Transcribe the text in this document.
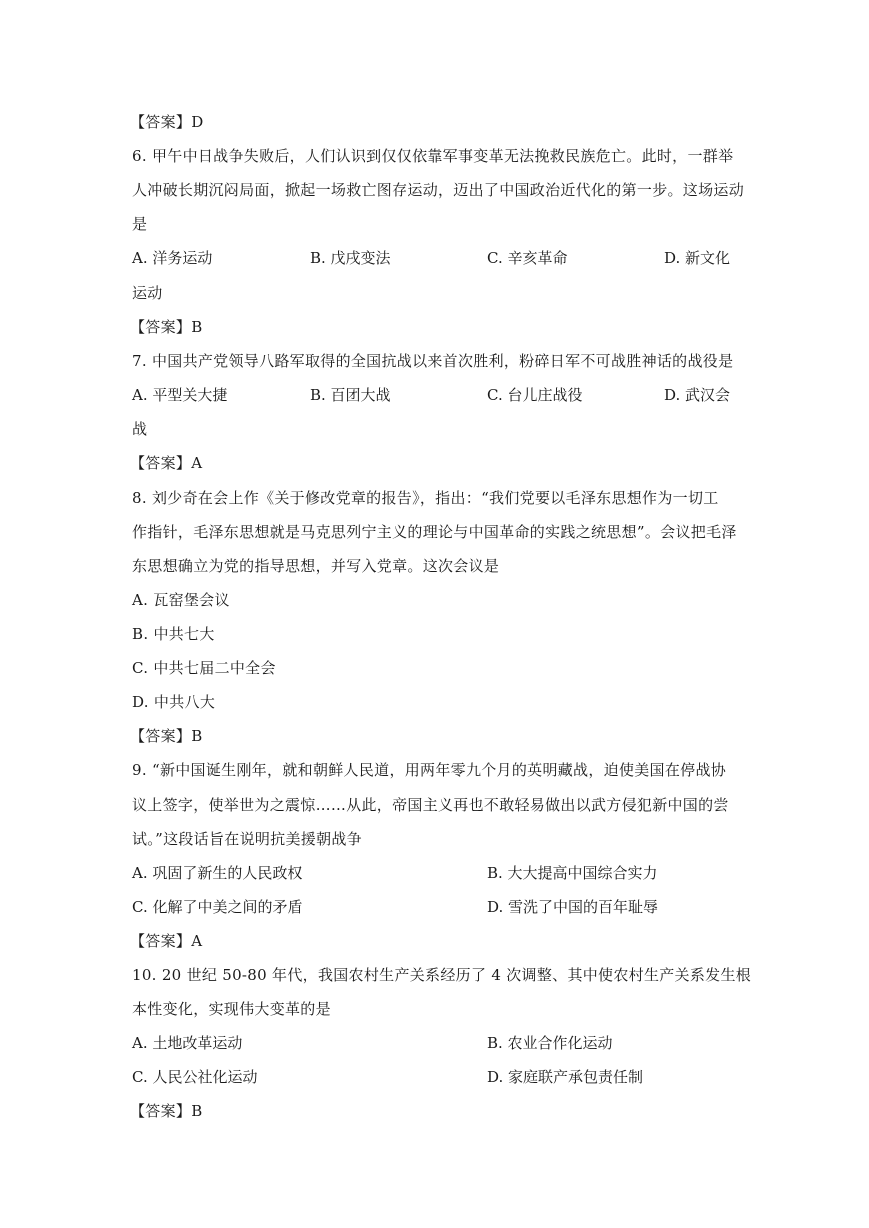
【答案】D
6. 甲午中日战争失败后，人们认识到仅仅依靠军事变革无法挽救民族危亡。此时，一群举
人冲破长期沉闷局面，掀起一场救亡图存运动，迈出了中国政治近代化的第一步。这场运动
是
A. 洋务运动	B. 戊戌变法	C. 辛亥革命	D. 新文化
运动
【答案】B
7. 中国共产党领导八路军取得的全国抗战以来首次胜利，粉碎日军不可战胜神话的战役是
A. 平型关大捷	B. 百团大战	C. 台儿庄战役	D. 武汉会
战
【答案】A
8. 刘少奇在会上作《关于修改党章的报告》，指出：“我们党要以毛泽东思想作为一切工
作指针，毛泽东思想就是马克思列宁主义的理论与中国革命的实践之统思想”。会议把毛泽
东思想确立为党的指导思想，并写入党章。这次会议是
A. 瓦窑堡会议
B. 中共七大
C. 中共七届二中全会
D. 中共八大
【答案】B
9. “新中国诞生刚年，就和朝鲜人民道，用两年零九个月的英明藏战，迫使美国在停战协
议上签字，使举世为之震惊……从此，帝国主义再也不敢轻易做出以武方侵犯新中国的尝
试。”这段话旨在说明抗美援朝战争
A. 巩固了新生的人民政权	B. 大大提高中国综合实力
C. 化解了中美之间的矛盾	D. 雪洗了中国的百年耻辱
【答案】A
10. 20 世纪 50-80 年代，我国农村生产关系经历了 4 次调整、其中使农村生产关系发生根
本性变化，实现伟大变革的是
A. 土地改革运动	B. 农业合作化运动
C. 人民公社化运动	D. 家庭联产承包责任制
【答案】B
